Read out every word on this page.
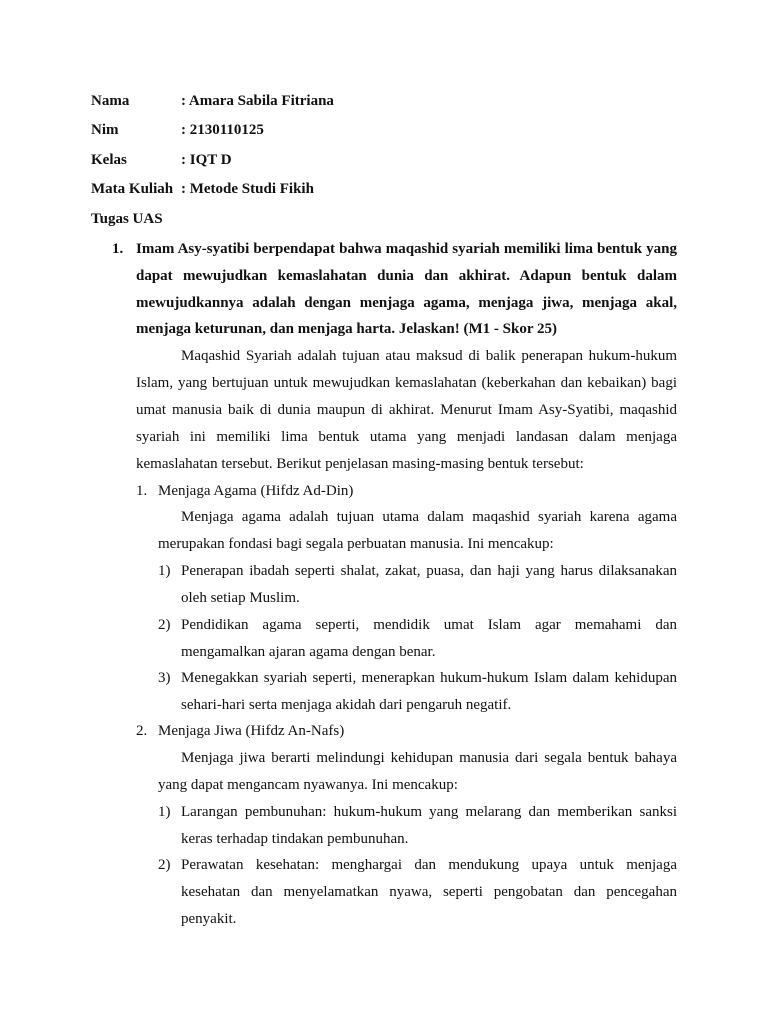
Nama	: Amara Sabila Fitriana
Nim	: 2130110125
Kelas	: IQT D
Mata Kuliah : Metode Studi Fikih
Tugas UAS
1. Imam Asy-syatibi berpendapat bahwa maqashid syariah memiliki lima bentuk yang
dapat mewujudkan kemaslahatan dunia dan akhirat. Adapun bentuk dalam
mewujudkannya adalah dengan menjaga agama, menjaga jiwa, menjaga akal,
menjaga keturunan, dan menjaga harta. Jelaskan! (M1 - Skor 25)
Maqashid Syariah adalah tujuan atau maksud di balik penerapan hukum-hukum
Islam, yang bertujuan untuk mewujudkan kemaslahatan (keberkahan dan kebaikan) bagi
umat manusia baik di dunia maupun di akhirat. Menurut Imam Asy-Syatibi, maqashid
syariah ini memiliki lima bentuk utama yang menjadi landasan dalam menjaga
kemaslahatan tersebut. Berikut penjelasan masing-masing bentuk tersebut:
1. Menjaga Agama (Hifdz Ad-Din)
Menjaga agama adalah tujuan utama dalam maqashid syariah karena agama
merupakan fondasi bagi segala perbuatan manusia. Ini mencakup:
1) Penerapan ibadah seperti shalat, zakat, puasa, dan haji yang harus dilaksanakan
oleh setiap Muslim.
2) Pendidikan agama seperti, mendidik umat Islam agar memahami dan
mengamalkan ajaran agama dengan benar.
3) Menegakkan syariah seperti, menerapkan hukum-hukum Islam dalam kehidupan
sehari-hari serta menjaga akidah dari pengaruh negatif.
2. Menjaga Jiwa (Hifdz An-Nafs)
Menjaga jiwa berarti melindungi kehidupan manusia dari segala bentuk bahaya
yang dapat mengancam nyawanya. Ini mencakup:
1) Larangan pembunuhan: hukum-hukum yang melarang dan memberikan sanksi
keras terhadap tindakan pembunuhan.
2) Perawatan kesehatan: menghargai dan mendukung upaya untuk menjaga
kesehatan dan menyelamatkan nyawa, seperti pengobatan dan pencegahan
penyakit.
